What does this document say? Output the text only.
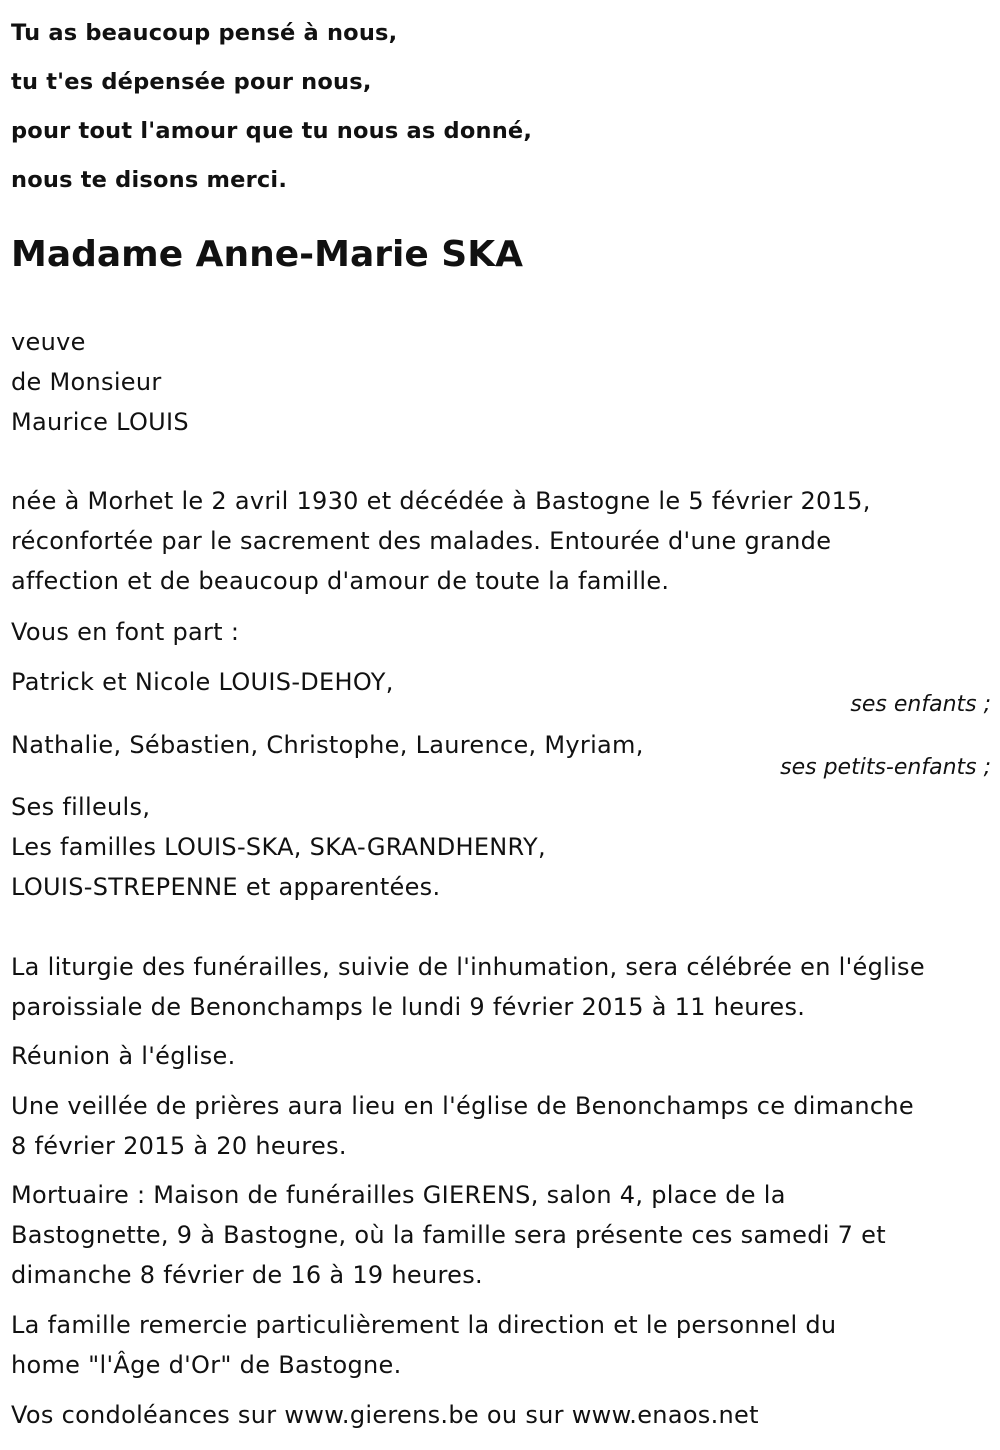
Tu as beaucoup pensé à nous,
tu t'es dépensée pour nous,
pour tout l'amour que tu nous as donné,
nous te disons merci.
Madame Anne-Marie SKA
veuve
de Monsieur
Maurice LOUIS
née à Morhet le 2 avril 1930 et décédée à Bastogne le 5 février 2015,
réconfortée par le sacrement des malades. Entourée d'une grande
affection et de beaucoup d'amour de toute la famille.
Vous en font part :
Patrick et Nicole LOUIS-DEHOY,
ses enfants ;
Nathalie, Sébastien, Christophe, Laurence, Myriam,
ses petits-enfants ;
Ses filleuls,
Les familles LOUIS-SKA, SKA-GRANDHENRY,
LOUIS-STREPENNE et apparentées.
La liturgie des funérailles, suivie de l'inhumation, sera célébrée en l'église
paroissiale de Benonchamps le lundi 9 février 2015 à 11 heures.
Réunion à l'église.
Une veillée de prières aura lieu en l'église de Benonchamps ce dimanche
8 février 2015 à 20 heures.
Mortuaire : Maison de funérailles GIERENS, salon 4, place de la
Bastognette, 9 à Bastogne, où la famille sera présente ces samedi 7 et
dimanche 8 février de 16 à 19 heures.
La famille remercie particulièrement la direction et le personnel du
home "l'Âge d'Or" de Bastogne.
Vos condoléances sur www.gierens.be ou sur www.enaos.net
